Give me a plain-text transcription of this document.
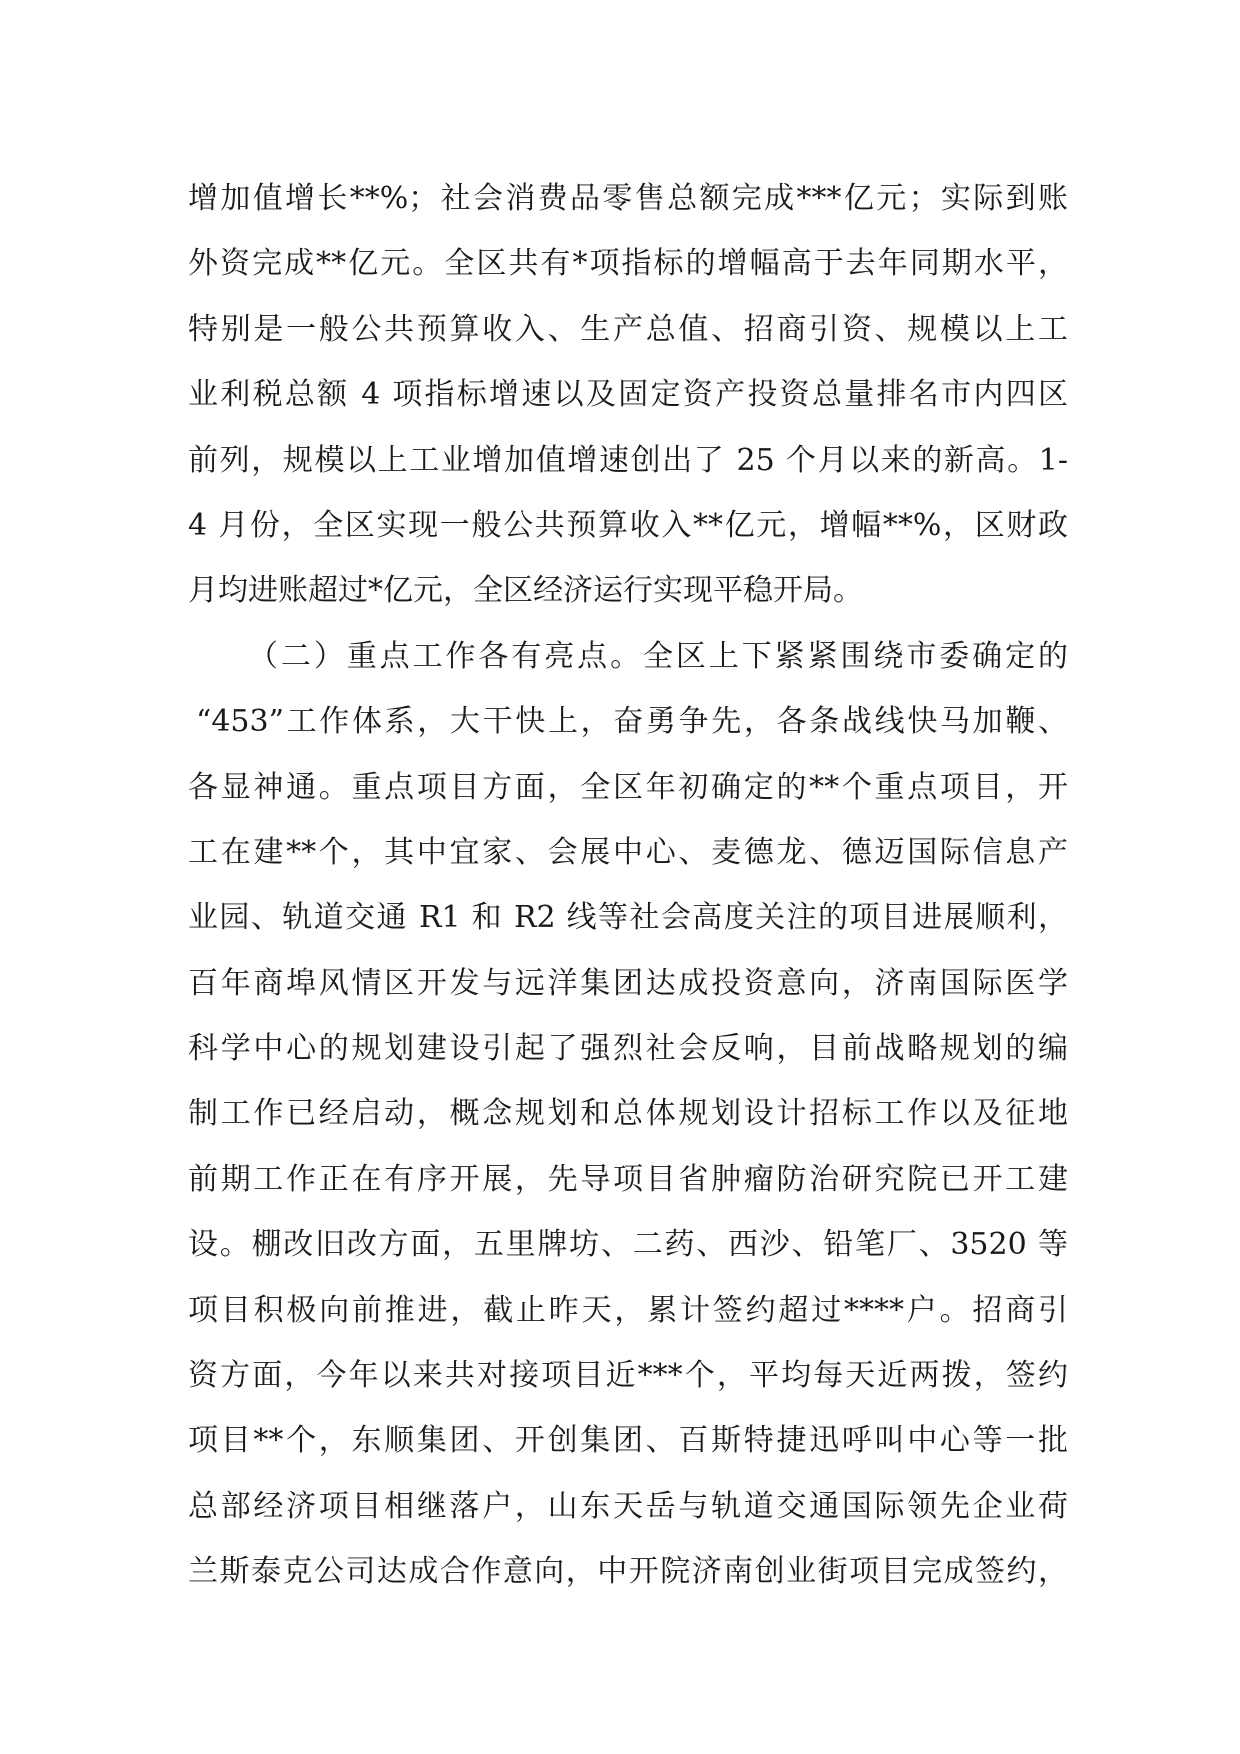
增加值增长**%；社会消费品零售总额完成***亿元；实际到账
外资完成**亿元。全区共有*项指标的增幅高于去年同期水平，
特别是一般公共预算收入、生产总值、招商引资、规模以上工
业利税总额 4 项指标增速以及固定资产投资总量排名市内四区
前列，规模以上工业增加值增速创出了 25 个月以来的新高。1-
4 月份，全区实现一般公共预算收入**亿元，增幅**%，区财政
月均进账超过*亿元，全区经济运行实现平稳开局。
（二）重点工作各有亮点。全区上下紧紧围绕市委确定的
“453”工作体系，大干快上，奋勇争先，各条战线快马加鞭、
各显神通。重点项目方面，全区年初确定的**个重点项目，开
工在建**个，其中宜家、会展中心、麦德龙、德迈国际信息产
业园、轨道交通 R1 和 R2 线等社会高度关注的项目进展顺利，
百年商埠风情区开发与远洋集团达成投资意向，济南国际医学
科学中心的规划建设引起了强烈社会反响，目前战略规划的编
制工作已经启动，概念规划和总体规划设计招标工作以及征地
前期工作正在有序开展，先导项目省肿瘤防治研究院已开工建
设。棚改旧改方面，五里牌坊、二药、西沙、铅笔厂、3520 等
项目积极向前推进，截止昨天，累计签约超过****户。招商引
资方面，今年以来共对接项目近***个，平均每天近两拨，签约
项目**个，东顺集团、开创集团、百斯特捷迅呼叫中心等一批
总部经济项目相继落户，山东天岳与轨道交通国际领先企业荷
兰斯泰克公司达成合作意向，中开院济南创业街项目完成签约，
